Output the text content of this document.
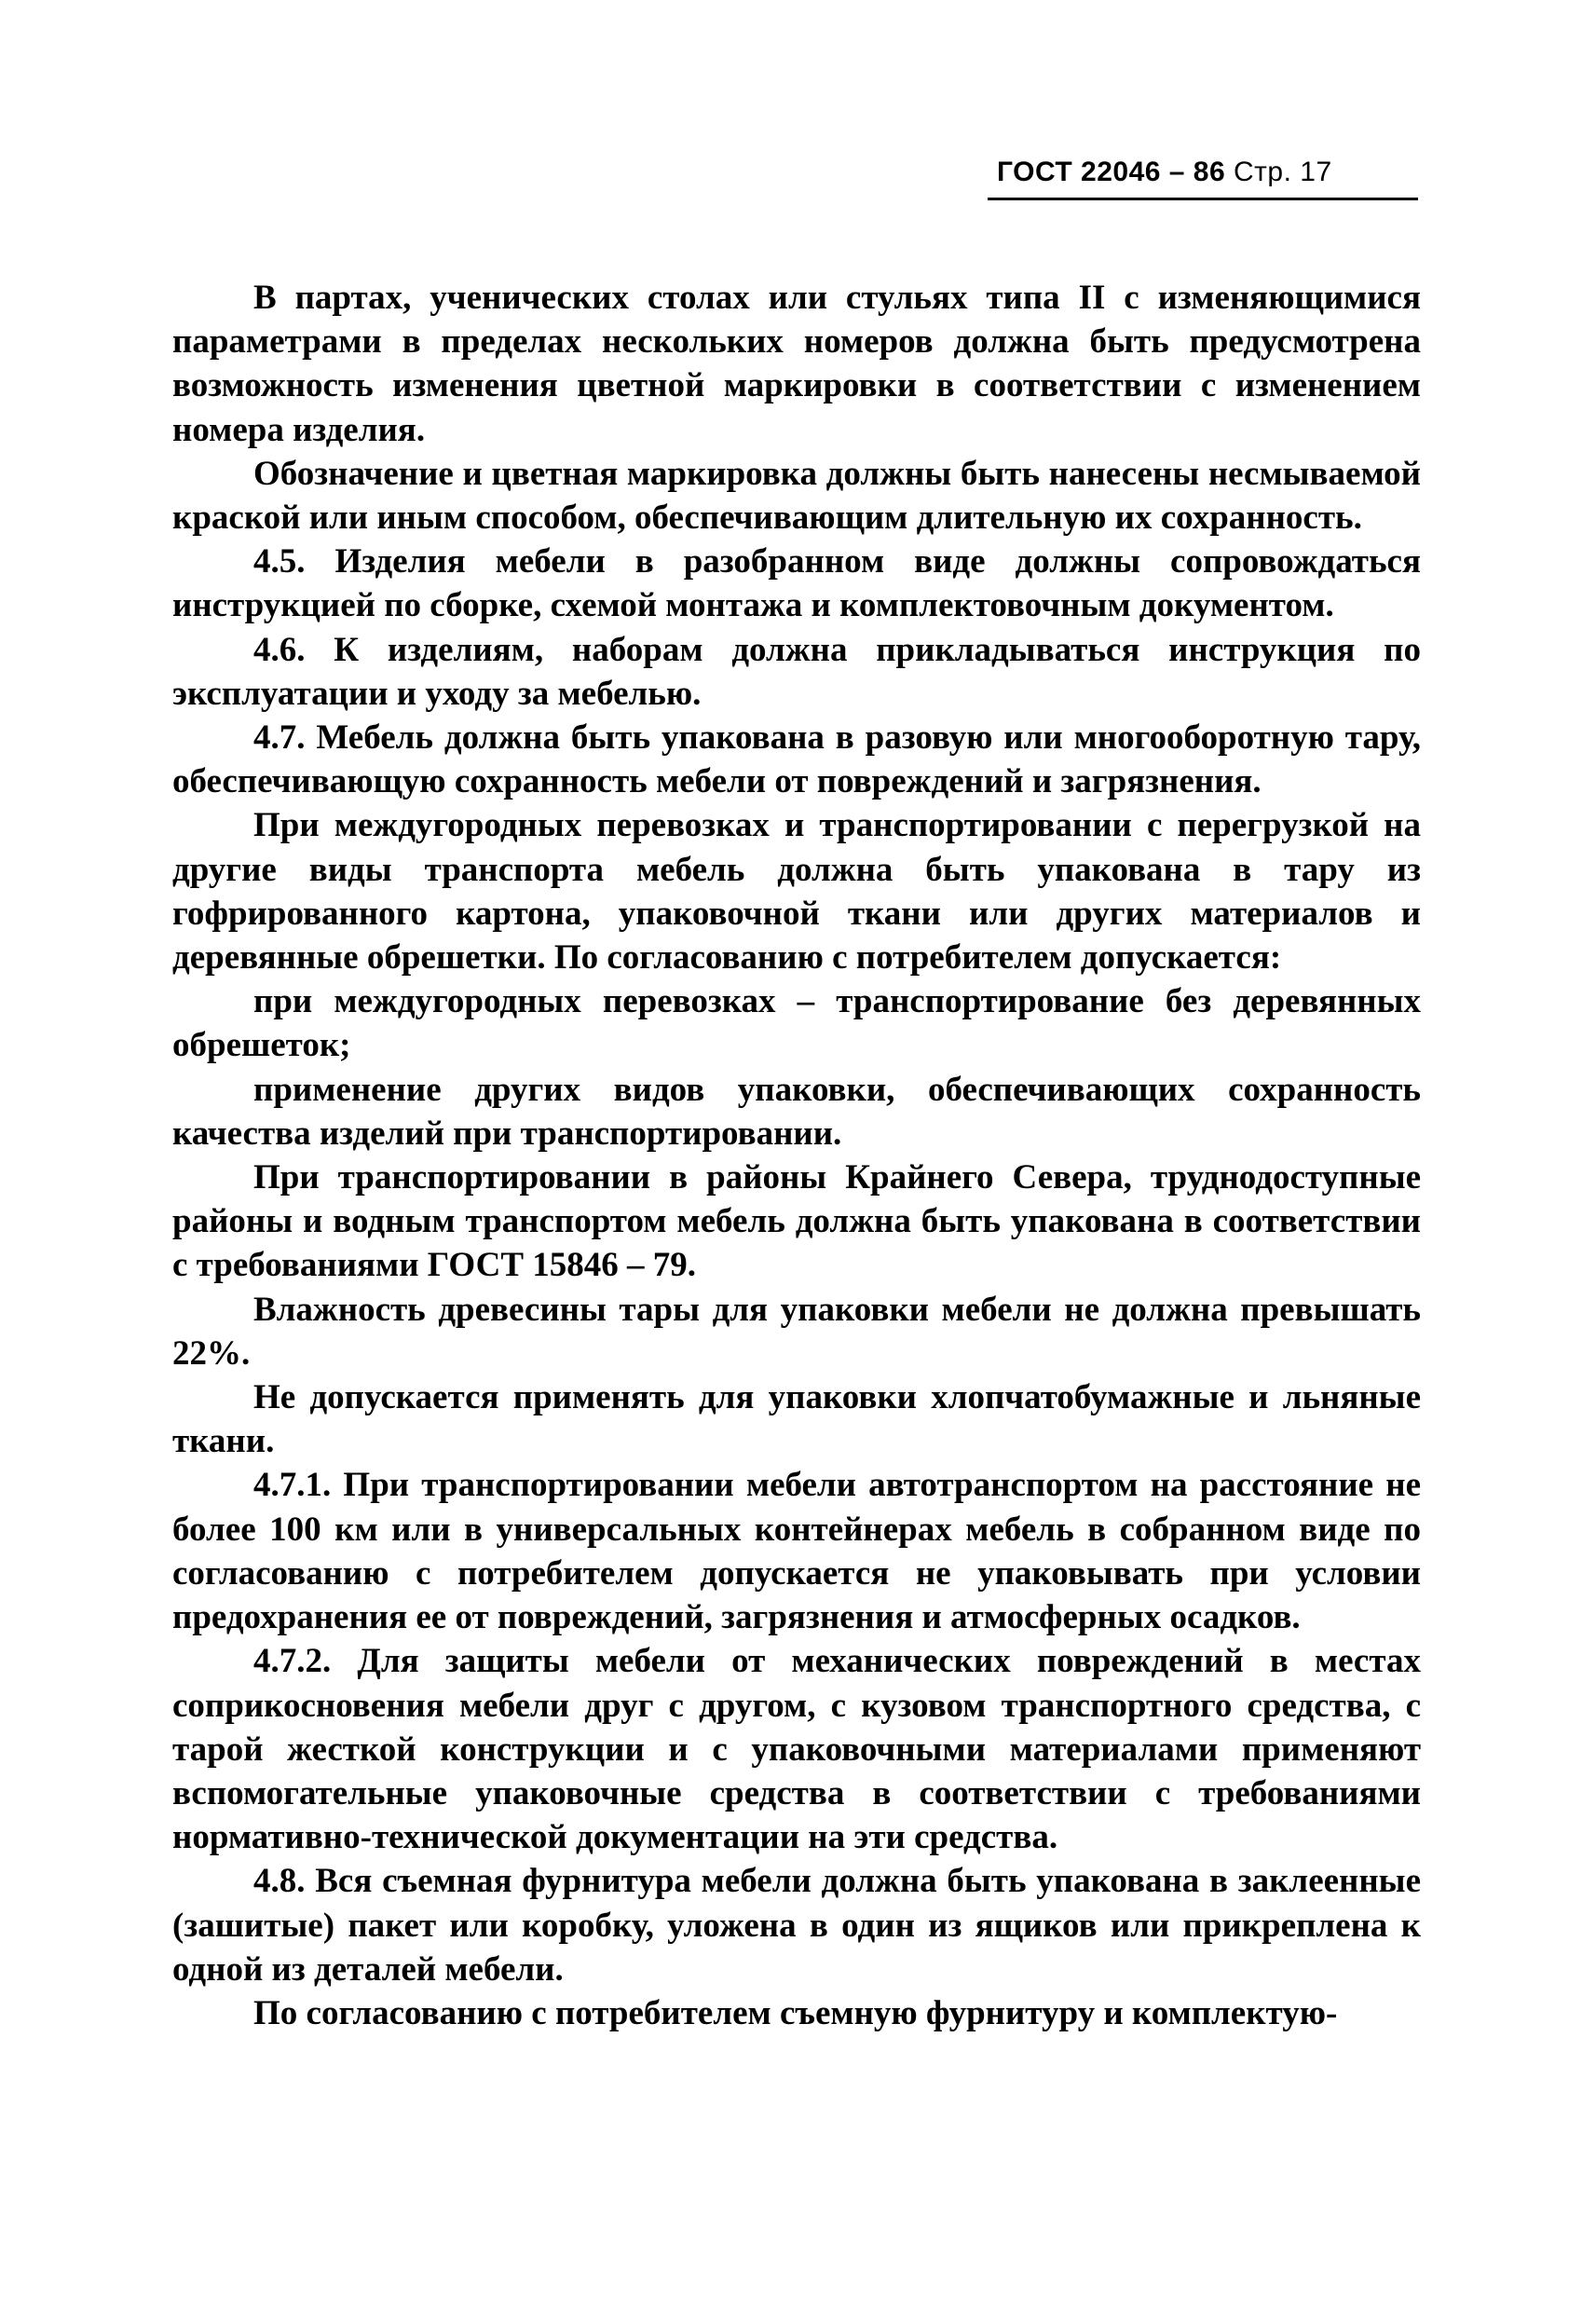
ГОСТ 22046 – 86 Стр. 17

В партах, ученических столах или стульях типа II с изменяющимися параметрами в пределах нескольких номеров должна быть предусмотрена возможность изменения цветной маркировки в соответствии с изменением номера изделия.

Обозначение и цветная маркировка должны быть нанесены несмываемой краской или иным способом, обеспечивающим длительную их сохранность.

4.5. Изделия мебели в разобранном виде должны сопровождаться инструкцией по сборке, схемой монтажа и комплектовочным документом.

4.6. К изделиям, наборам должна прикладываться инструкция по эксплуатации и уходу за мебелью.

4.7. Мебель должна быть упакована в разовую или многооборотную тару, обеспечивающую сохранность мебели от повреждений и загрязнения.

При междугородных перевозках и транспортировании с перегрузкой на другие виды транспорта мебель должна быть упакована в тару из гофрированного картона, упаковочной ткани или других материалов и деревянные обрешетки. По согласованию с потребителем допускается:

при междугородных перевозках – транспортирование без деревянных обрешеток;

применение других видов упаковки, обеспечивающих сохранность качества изделий при транспортировании.

При транспортировании в районы Крайнего Севера, труднодоступные районы и водным транспортом мебель должна быть упакована в соответствии с требованиями ГОСТ 15846 – 79.

Влажность древесины тары для упаковки мебели не должна превышать 22%.

Не допускается применять для упаковки хлопчатобумажные и льняные ткани.

4.7.1. При транспортировании мебели автотранспортом на расстояние не более 100 км или в универсальных контейнерах мебель в собранном виде по согласованию с потребителем допускается не упаковывать при условии предохранения ее от повреждений, загрязнения и атмосферных осадков.

4.7.2. Для защиты мебели от механических повреждений в местах соприкосновения мебели друг с другом, с кузовом транспортного средства, с тарой жесткой конструкции и с упаковочными материалами применяют вспомогательные упаковочные средства в соответствии с требованиями нормативно-технической документации на эти средства.

4.8. Вся съемная фурнитура мебели должна быть упакована в заклеенные (зашитые) пакет или коробку, уложена в один из ящиков или прикреплена к одной из деталей мебели.

По согласованию с потребителем съемную фурнитуру и комплектую-
